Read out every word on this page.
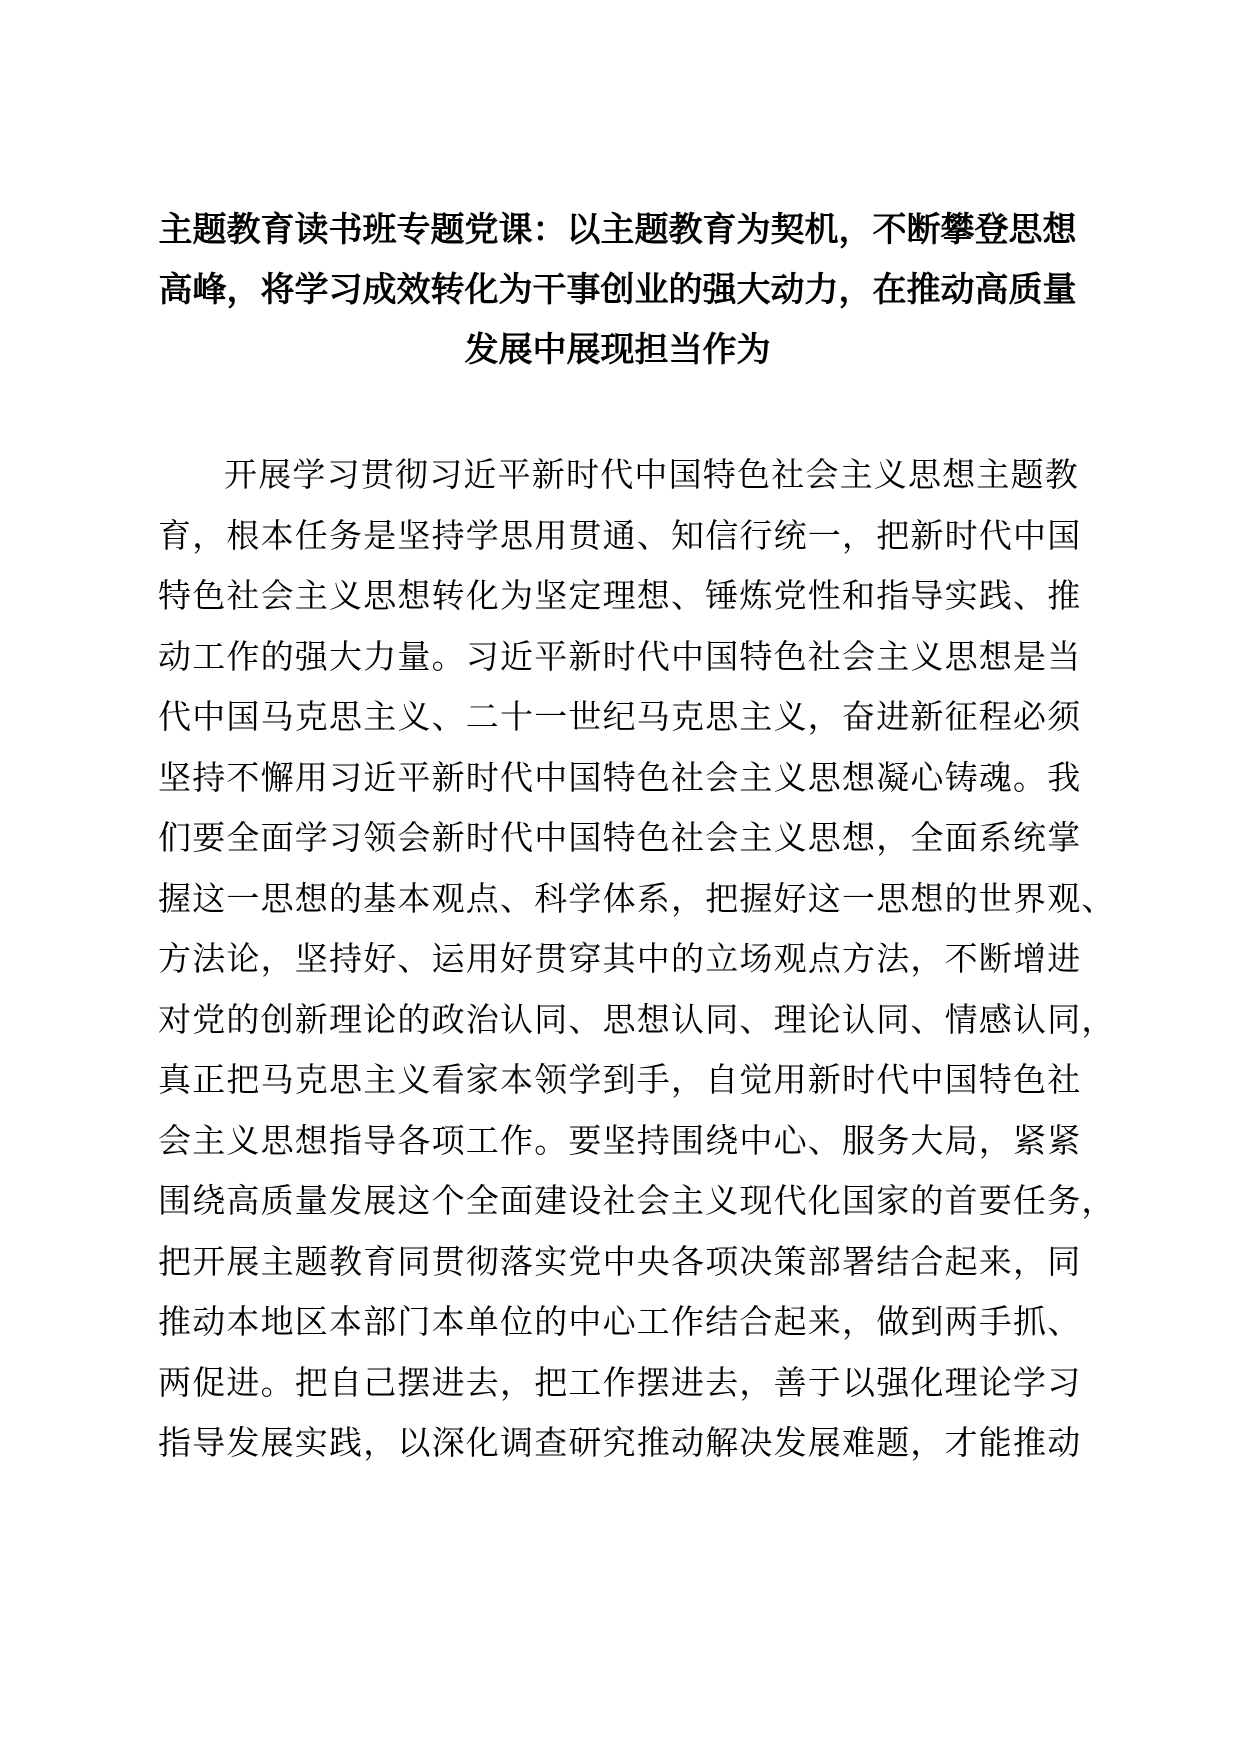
主题教育读书班专题党课：以主题教育为契机，不断攀登思想
高峰，将学习成效转化为干事创业的强大动力，在推动高质量
发展中展现担当作为
开展学习贯彻习近平新时代中国特色社会主义思想主题教
育，根本任务是坚持学思用贯通、知信行统一，把新时代中国
特色社会主义思想转化为坚定理想、锤炼党性和指导实践、推
动工作的强大力量。习近平新时代中国特色社会主义思想是当
代中国马克思主义、二十一世纪马克思主义，奋进新征程必须
坚持不懈用习近平新时代中国特色社会主义思想凝心铸魂。我
们要全面学习领会新时代中国特色社会主义思想，全面系统掌
握这一思想的基本观点、科学体系，把握好这一思想的世界观、
方法论，坚持好、运用好贯穿其中的立场观点方法，不断增进
对党的创新理论的政治认同、思想认同、理论认同、情感认同，
真正把马克思主义看家本领学到手，自觉用新时代中国特色社
会主义思想指导各项工作。要坚持围绕中心、服务大局，紧紧
围绕高质量发展这个全面建设社会主义现代化国家的首要任务，
把开展主题教育同贯彻落实党中央各项决策部署结合起来，同
推动本地区本部门本单位的中心工作结合起来，做到两手抓、
两促进。把自己摆进去，把工作摆进去，善于以强化理论学习
指导发展实践，以深化调查研究推动解决发展难题，才能推动
